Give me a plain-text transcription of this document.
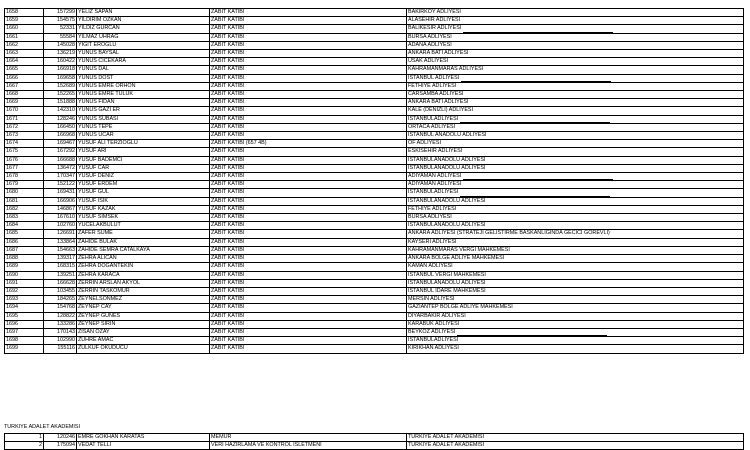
1658	157299	YELIZ SAPAN	ZABIT KATIBI	BAKIRKOY ADLIYESI
1659	154575	YILDIRIM OZKAN	ZABIT KATIBI	ALASEHIR ADLIYESI
1660	52331	YILDIZ GURCAN	ZABIT KATIBI	BALIKESIR ADLIYESI
1661	55584	YILMAZ UHRAG	ZABIT KATIBI	BURSA ADLIYESI
1662	145028	YIGIT EROGLU	ZABIT KATIBI	ADANA ADLIYESI
1663	136219	YUNUS BAYSAL	ZABIT KATIBI	ANKARA BATI ADLIYESI
1664	160422	YUNUS CICEKARA	ZABIT KATIBI	USAK ADLIYESI
1665	166918	YUNUS DAL	ZABIT KATIBI	KAHRAMANMARAS ADLIYESI
1666	169658	YUNUS DOST	ZABIT KATIBI	ISTANBUL ADLIYESI
1667	152689	YUNUS EMRE ORHON	ZABIT KATIBI	FETHIYE ADLIYESI
1668	152265	YUNUS EMRE TULUK	ZABIT KATIBI	CARSAMBA ADLIYESI
1669	151888	YUNUS FIDAN	ZABIT KATIBI	ANKARA BATI ADLIYESI
1670	142310	YUNUS GAZI ER	ZABIT KATIBI	KALE (DENIZLI) ADLIYESI
1671	128246	YUNUS SUBASI	ZABIT KATIBI	ISTANBULADLIYESI
1672	166450	YUNUS TEPE	ZABIT KATIBI	ORTACA ADLIYESI
1673	166968	YUNUS UCAR	ZABIT KATIBI	ISTANBUL ANADOLU ADLIYESI
1674	169467	YUSUF ALI TERZIOGLU	ZABIT KATIBI (657 4B)	OF ADLIYESI
1675	167292	YUSUF ARI	ZABIT KATIBI	ESKISEHIR ADLIYESI
1676	166688	YUSUF BADEMCI	ZABIT KATIBI	ISTANBULANADOLU ADLIYESI
1677	136472	YUSUF CAR	ZABIT KATIBI	ISTANBULANADOLU ADLIYESI
1678	170347	YUSUF DENIZ	ZABIT KATIBI	ADIYAMAN ADLIYESI
1679	152122	YUSUF ERDEM	ZABIT KATIBI	ADIYAMAN ADLIYESI
1680	169431	YUSUF GUL	ZABIT KATIBI	ISTANBULADLIYESI
1681	166906	YUSUF ISIK	ZABIT KATIBI	ISTANBULANADOLU ADLIYESI
1682	146867	YUSUF KAZAK	ZABIT KATIBI	FETHIYE ADLIYESI
1683	167610	YUSUF SIMSEK	ZABIT KATIBI	BURSA ADLIYESI
1684	102760	YUCELAKBULUT	ZABIT KATIBI	ISTANBULANADOLU ADLIYESI
1685	126691	ZAFER SUME	ZABIT KATIBI	ANKARA ADLIYESI (STRATEJI GELISTIRME BASKANLIGINDA GECICI GOREVLI)
1686	133864	ZAHIDE BULAK	ZABIT KATIBI	KAYSERI ADLIYESI
1687	154663	ZAHIDE SEMRA CATALKAYA	ZABIT KATIBI	KAHRAMANMARAS VERGI MAHKEMESI
1688	139317	ZEHRA ALICAN	ZABIT KATIBI	ANKARA BOLGE ADLIYE MAHKEMESI
1689	168315	ZEHRA DOGANTEKIN	ZABIT KATIBI	KAMAN ADLIYESI
1690	139251	ZEHRA KARACA	ZABIT KATIBI	ISTANBUL VERGI MAHKEMESI
1691	166628	ZERRIN ARSLAN AKYOL	ZABIT KATIBI	ISTANBULANADOLU ADLIYESI
1692	103455	ZERRIN TASKOMUR	ZABIT KATIBI	ISTANBUL IDARE MAHKEMESI
1693	184265	ZEYNELSONMEZ	ZABIT KATIBI	MERSIN ADLIYESI
1694	154768	ZEYNEP CAY	ZABIT KATIBI	GAZIANTEP BOLGE ADLIYE MAHKEMESI
1695	128822	ZEYNEP GUNES	ZABIT KATIBI	DIYARBAKIR ADLIYESI
1696	133286	ZEYNEP SIRIN	ZABIT KATIBI	KARABUK ADLIYESI
1697	170143	ZISAN OZAY	ZABIT KATIBI	BEYKOZ ADLIYESI
1698	102990	ZUHRE AMAC	ZABIT KATIBI	ISTANBULADLIYESI
1699	155116	ZULKUF OKUDUCU	ZABIT KATIBI	KIRIKHAN ADLIYESI
TURKIYE ADALET AKADEMISI
1	120246	EMRE GOKHAN KARATAS	MEMUR	TURKIYE ADALET AKADEMISI
2	175094	VEDAT TELLI	VERI HAZIRLAMA VE KONTROL ISLETMENI	TURKIYE ADALET AKADEMISI
